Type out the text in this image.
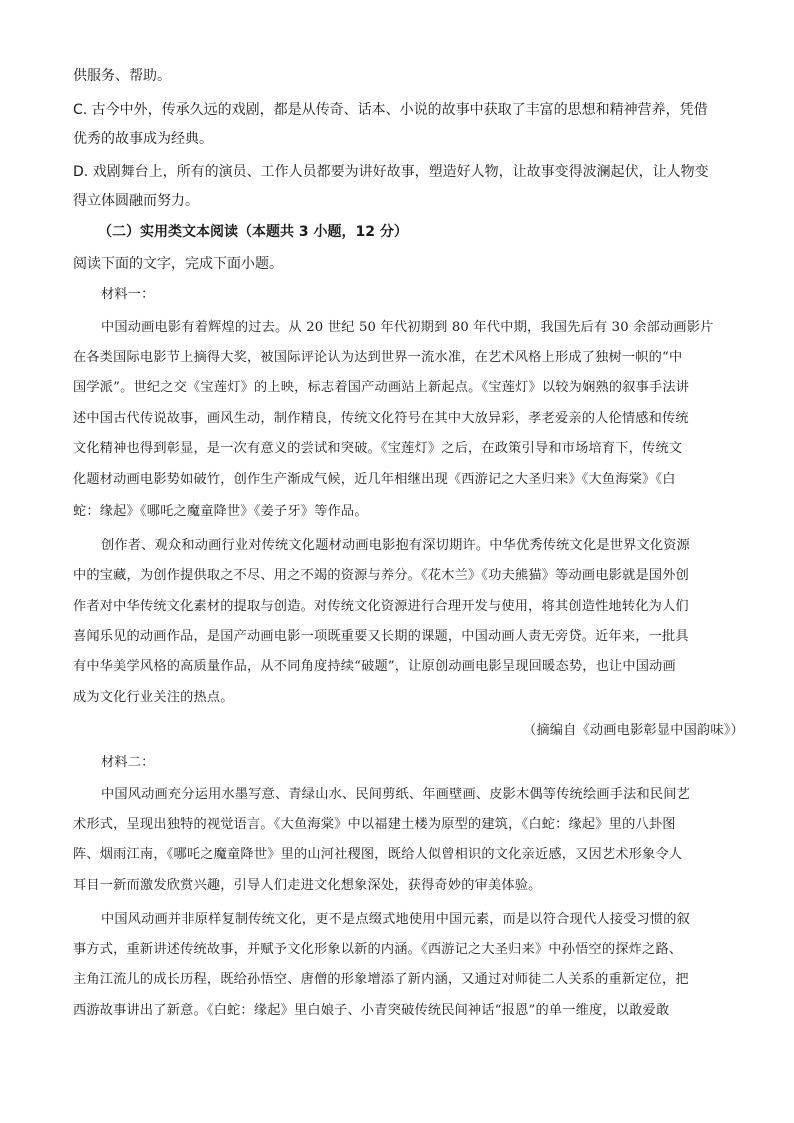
供服务、帮助。
C. 古今中外，传承久远的戏剧，都是从传奇、话本、小说的故事中获取了丰富的思想和精神营养，凭借
优秀的故事成为经典。
D. 戏剧舞台上，所有的演员、工作人员都要为讲好故事，塑造好人物，让故事变得波澜起伏，让人物变
得立体圆融而努力。
（二）实用类文本阅读（本题共 3 小题，12 分）
阅读下面的文字，完成下面小题。
材料一：
中国动画电影有着辉煌的过去。从 20 世纪 50 年代初期到 80 年代中期，我国先后有 30 余部动画影片
在各类国际电影节上摘得大奖，被国际评论认为达到世界一流水准，在艺术风格上形成了独树一帜的“中
国学派”。世纪之交《宝莲灯》的上映，标志着国产动画站上新起点。《宝莲灯》以较为娴熟的叙事手法讲
述中国古代传说故事，画风生动，制作精良，传统文化符号在其中大放异彩，孝老爱亲的人伦情感和传统
文化精神也得到彰显，是一次有意义的尝试和突破。《宝莲灯》之后，在政策引导和市场培育下，传统文
化题材动画电影势如破竹，创作生产渐成气候，近几年相继出现《西游记之大圣归来》《大鱼海棠》《白
蛇：缘起》《哪吒之魔童降世》《姜子牙》等作品。
创作者、观众和动画行业对传统文化题材动画电影抱有深切期许。中华优秀传统文化是世界文化资源
中的宝藏，为创作提供取之不尽、用之不竭的资源与养分。《花木兰》《功夫熊猫》等动画电影就是国外创
作者对中华传统文化素材的提取与创造。对传统文化资源进行合理开发与使用，将其创造性地转化为人们
喜闻乐见的动画作品，是国产动画电影一项既重要又长期的课题，中国动画人责无旁贷。近年来，一批具
有中华美学风格的高质量作品，从不同角度持续“破题”，让原创动画电影呈现回暖态势，也让中国动画
成为文化行业关注的热点。
（摘编自《动画电影彰显中国韵味》）
材料二：
中国风动画充分运用水墨写意、青绿山水、民间剪纸、年画壁画、皮影木偶等传统绘画手法和民间艺
术形式，呈现出独特的视觉语言。《大鱼海棠》中以福建土楼为原型的建筑，《白蛇：缘起》里的八卦图
阵、烟雨江南，《哪吒之魔童降世》里的山河社稷图，既给人似曾相识的文化亲近感，又因艺术形象令人
耳目一新而激发欣赏兴趣，引导人们走进文化想象深处，获得奇妙的审美体验。
中国风动画并非原样复制传统文化，更不是点缀式地使用中国元素，而是以符合现代人接受习惯的叙
事方式，重新讲述传统故事，并赋予文化形象以新的内涵。《西游记之大圣归来》中孙悟空的探炸之路、
主角江流儿的成长历程，既给孙悟空、唐僧的形象增添了新内涵，又通过对师徒二人关系的重新定位，把
西游故事讲出了新意。《白蛇：缘起》里白娘子、小青突破传统民间神话“报恩”的单一维度，以敢爱敢
